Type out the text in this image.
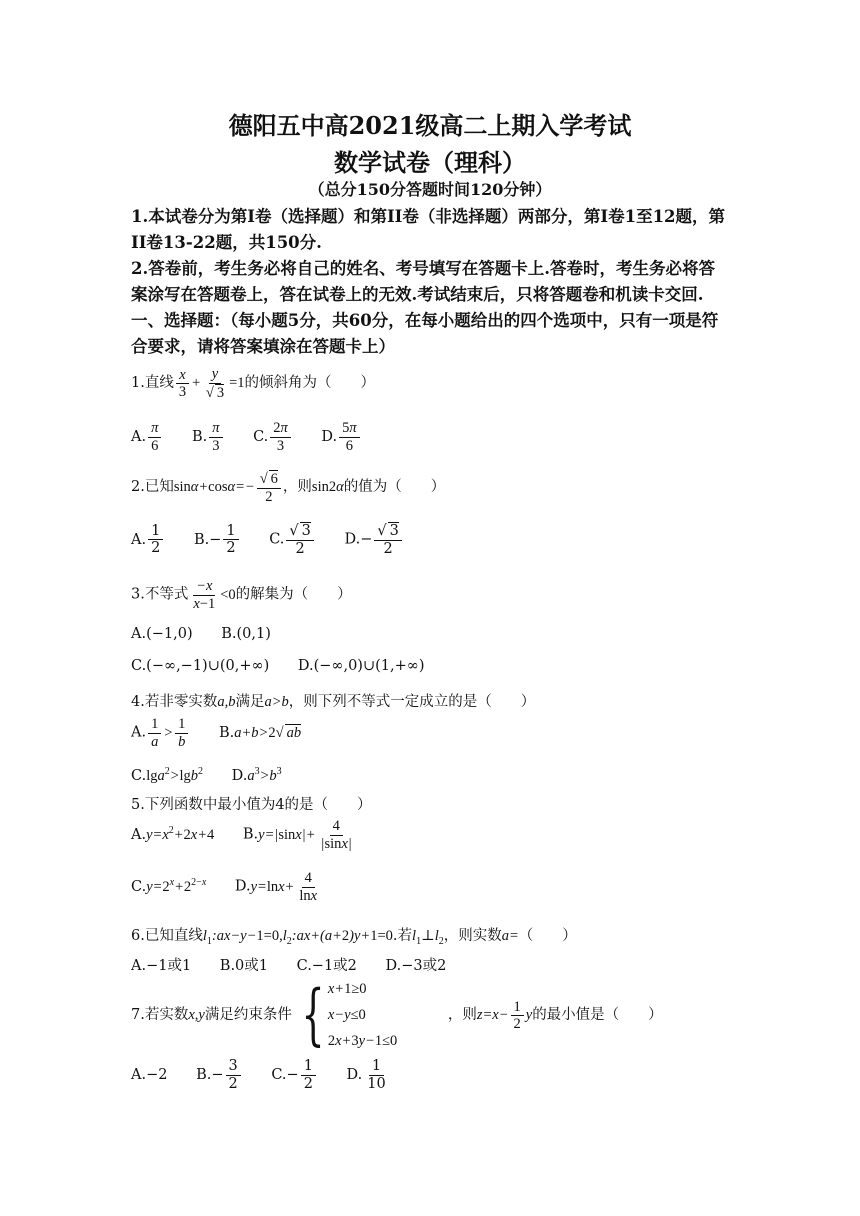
德阳五中高2021级高二上期入学考试
数学试卷（理科）
（总分150分答题时间120分钟）
1.本试卷分为第I卷（选择题）和第II卷（非选择题）两部分，第I卷1至12题，第II卷13-22题，共150分.
2.答卷前，考生务必将自己的姓名、考号填写在答题卡上.答卷时，考生务必将答案涂写在答题卷上，答在试卷上的无效.考试结束后，只将答题卷和机读卡交回.
一、选择题：（每小题5分，共60分，在每小题给出的四个选项中，只有一项是符合要求，请将答案填涂在答题卡上）
1.直线 $\frac{x}{3} + \frac{y}{√ 3} =1$的倾斜角为（　　）
A. $\frac{\pi}{6} B$. $\frac{\pi}{3} C$. $\frac{2\pi}{3} D$. $\frac{5\pi}{6}$
2.已知$\sin\alpha+\cos\alpha=- \frac{√ 6}{2}$ ，则sin2α的值为（　　）
A. $\frac{1}{2} B.- \frac{1}{2} C$. $\frac{√ 3}{2} D.- \frac{√ 3}{2}$
3.不等式 $\frac{-x}{x-1} <0$的解集为（　　）
A.(−1,0) B.(0,1)
C.(−∞,−1)∪(0,+∞) D.(−∞,0)∪(1,+∞)
4.若非零实数a,b满足a>b，则下列不等式一定成立的是（　　）
A. $\frac{1}{a} > \frac{1}{b} B.a+b>2√$ ab
C.lga$^2$>lgb$^2$ $D.a^3>b^3$
5.下列函数中最小值为4的是（　　）
$A.y=x^2+2x+4$ $B.y=|\sin x|+ \frac{4}{|\sin x|}$
$C.y=2^x+2^{2-x}$ $D.y=\ln x+ \frac{4}{\ln x}$
6.已知直线$l_1:ax-y-1=0,l_2:ax+(a+2)y+1=0$.若$l_1\perp l_2$，则实数a=（　　）
A.−1或1 B.0或1 C.−1或2 D.−3或2
7.若实数x,y满足约束条件 { x+1≥0
x−y≤0
2x+3y−1≤0
，则$z=x- \frac{1}{2}$ y的最小值是（　　）
A.−2 $B.- \frac{3}{2} C.- \frac{1}{2} D$. $\frac{1}{10}$
